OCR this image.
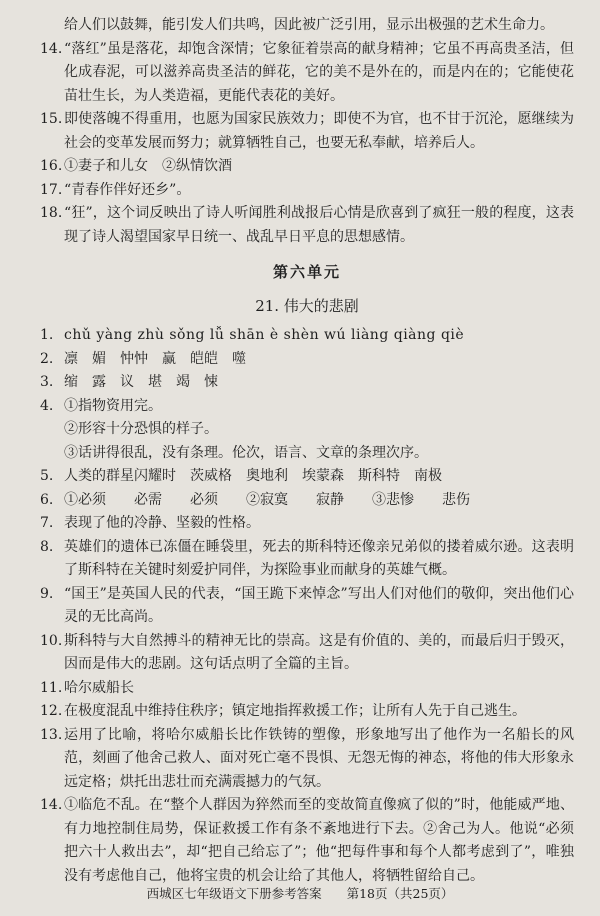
给人们以鼓舞，能引发人们共鸣，因此被广泛引用，显示出极强的艺术生命力。
14. “落红”虽是落花，却饱含深情；它象征着崇高的献身精神；它虽不再高贵圣洁，但化成春泥，可以滋养高贵圣洁的鲜花，它的美不是外在的，而是内在的；它能使花苗壮生长，为人类造福，更能代表花的美好。
15. 即使落魄不得重用，也愿为国家民族效力；即使不为官，也不甘于沉沦，愿继续为社会的变革发展而努力；就算牺牲自己，也要无私奉献，培养后人。
16. ①妻子和儿女　②纵情饮酒
17. “青春作伴好还乡”。
18. “狂”，这个词反映出了诗人听闻胜利战报后心情是欣喜到了疯狂一般的程度，这表现了诗人渴望国家早日统一、战乱早日平息的思想感情。
第六单元
21. 伟大的悲剧
1. chǔ yàng zhù sǒng lǚ shān è shèn wú liàng qiàng qiè
2. 凛　媚　忡忡　赢　皑皑　噬
3. 缩　露　议　堪　竭　悚
4. ①指物资用完。
②形容十分恐惧的样子。
③话讲得很乱，没有条理。伦次，语言、文章的条理次序。
5. 人类的群星闪耀时　茨威格　奥地利　埃蒙森　斯科特　南极
6. ①必须　　必需　　必须　　②寂寞　　寂静　　③悲惨　　悲伤
7. 表现了他的冷静、坚毅的性格。
8. 英雄们的遗体已冻僵在睡袋里，死去的斯科特还像亲兄弟似的搂着威尔逊。这表明了斯科特在关键时刻爱护同伴，为探险事业而献身的英雄气概。
9. “国王”是英国人民的代表，“国王跪下来悼念”写出人们对他们的敬仰，突出他们心灵的无比高尚。
10. 斯科特与大自然搏斗的精神无比的崇高。这是有价值的、美的，而最后归于毁灭，因而是伟大的悲剧。这句话点明了全篇的主旨。
11. 哈尔威船长
12. 在极度混乱中维持住秩序；镇定地指挥救援工作；让所有人先于自己逃生。
13. 运用了比喻，将哈尔威船长比作铁铸的塑像，形象地写出了他作为一名船长的风范，刻画了他舍己救人、面对死亡毫不畏惧、无怨无悔的神态，将他的伟大形象永远定格；烘托出悲壮而充满震撼力的气氛。
14. ①临危不乱。在“整个人群因为猝然而至的变故简直像疯了似的”时，他能威严地、有力地控制住局势，保证救援工作有条不紊地进行下去。②舍己为人。他说“必须把六十人救出去”，却“把自己给忘了”；他“把每件事和每个人都考虑到了”，唯独没有考虑他自己，他将宝贵的机会让给了其他人，将牺牲留给自己。
西城区七年级语文下册参考答案　　第18页（共25页）
